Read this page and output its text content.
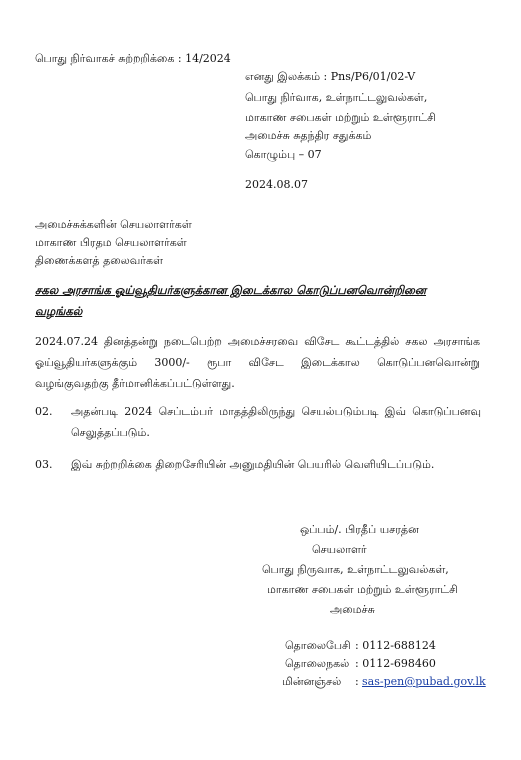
பொது நிர்வாகச் சுற்றறிக்கை : 14/2024
எனது இலக்கம் : Pns/P6/01/02-V
பொது நிர்வாக, உள்நாட்டலுவல்கள்,
மாகாண சபைகள் மற்றும் உள்ளூராட்சி
அமைச்சு சுதந்திர சதுக்கம்
கொழும்பு – 07
2024.08.07
அமைச்சுக்களின் செயலாளர்கள்
மாகாண பிரதம செயலாளர்கள்
திணைக்களத் தலைவர்கள்
சகல அரசாங்க ஓய்வூதியர்களுக்கான இடைக்கால கொடுப்பனவொன்றினை வழங்கல்
2024.07.24 தினத்தன்று நடைபெற்ற அமைச்சரவை விசேட கூட்டத்தில் சகல அரசாங்க ஓய்வூதியர்களுக்கும் 3000/- ரூபா விசேட இடைக்கால கொடுப்பனவொன்று வழங்குவதற்கு தீர்மானிக்கப்பட்டுள்ளது.
02. அதன்படி 2024 செப்டம்பர் மாதத்திலிருந்து செயல்படும்படி இவ் கொடுப்பனவு செலுத்தப்படும்.
03. இவ் சுற்றறிக்கை திறைசேரியின் அனுமதியின் பெயரில் வெளியிடப்படும்.
ஒப்பம்/. பிரதீப் யசரத்ன
செயலாளர்
பொது நிருவாக, உள்நாட்டலுவல்கள்,
மாகாண சபைகள் மற்றும் உள்ளூராட்சி
அமைச்சு
தொலைபேசி : 0112-688124
தொலைநகல் : 0112-698460
மின்னஞ்சல் : sas-pen@pubad.gov.lk
